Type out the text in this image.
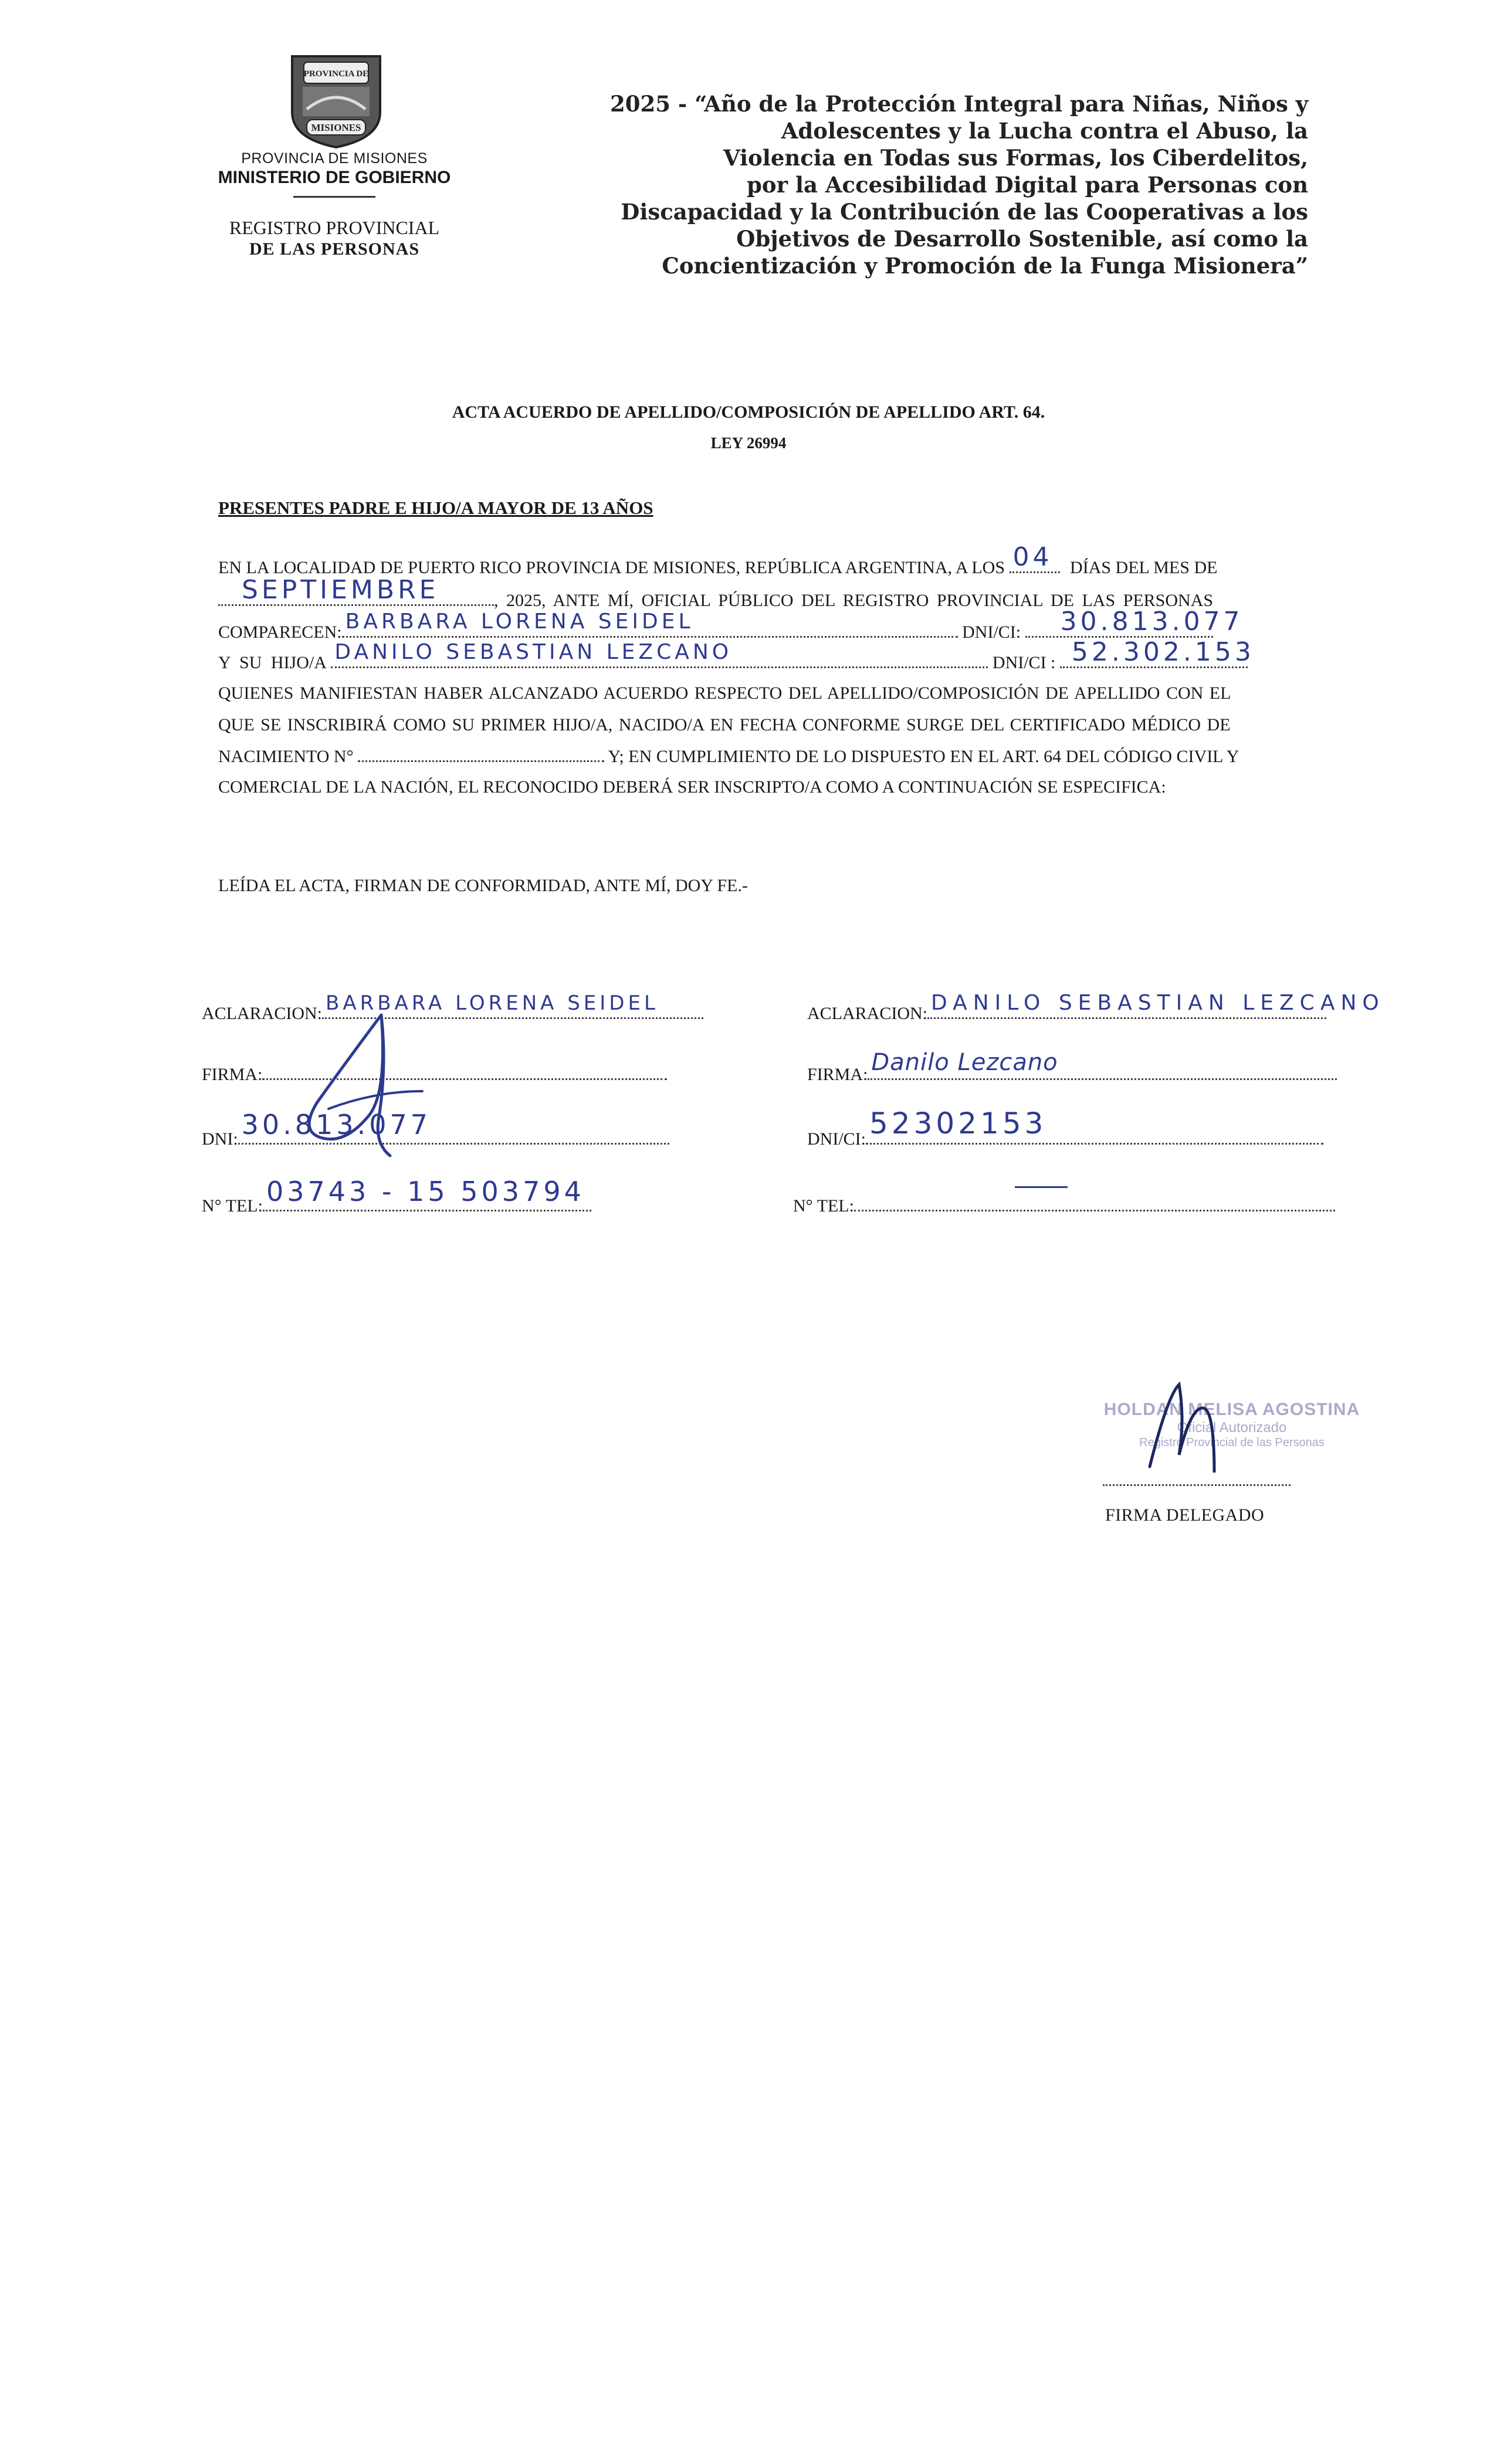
PROVINCIA DE
MISIONES
PROVINCIA DE MISIONES
MINISTERIO DE GOBIERNO
REGISTRO PROVINCIAL
DE LAS PERSONAS
2025 - “Año de la Protección Integral para Niñas, Niños y
Adolescentes y la Lucha contra el Abuso, la
Violencia en Todas sus Formas, los Ciberdelitos,
por la Accesibilidad Digital para Personas con
Discapacidad y la Contribución de las Cooperativas a los
Objetivos de Desarrollo Sostenible, así como la
Concientización y Promoción de la Funga Misionera”
ACTA ACUERDO DE APELLIDO/COMPOSICIÓN DE APELLIDO ART. 64.
LEY 26994
PRESENTES PADRE E HIJO/A MAYOR DE 13 AÑOS
EN LA LOCALIDAD DE PUERTO RICO PROVINCIA DE MISIONES, REPÚBLICA ARGENTINA, A LOS 04 DÍAS DEL MES DE
SEPTIEMBRE	, 2025, ANTE MÍ, OFICIAL PÚBLICO DEL REGISTRO PROVINCIAL DE LAS PERSONAS
COMPARECEN: BARBARA LORENA SEIDEL	DNI/CI: 30.813.077
Y SU HIJO/A DANILO SEBASTIAN LEZCANO	DNI/CI : 52.302.153
QUIENES MANIFIESTAN HABER ALCANZADO ACUERDO RESPECTO DEL APELLIDO/COMPOSICIÓN DE APELLIDO CON EL
QUE SE INSCRIBIRÁ COMO SU PRIMER HIJO/A, NACIDO/A EN FECHA CONFORME SURGE DEL CERTIFICADO MÉDICO DE
NACIMIENTO N°	Y; EN CUMPLIMIENTO DE LO DISPUESTO EN EL ART. 64 DEL CÓDIGO CIVIL Y
COMERCIAL DE LA NACIÓN, EL RECONOCIDO DEBERÁ SER INSCRIPTO/A COMO A CONTINUACIÓN SE ESPECIFICA:
LEÍDA EL ACTA, FIRMAN DE CONFORMIDAD, ANTE MÍ, DOY FE.-
ACLARACION: BARBARA LORENA SEIDEL
FIRMA:
DNI: 30.813.077
N° TEL: 03743 - 15 503794
ACLARACION: DANILO SEBASTIAN LEZCANO
FIRMA: Danilo Lezcano
DNI/CI: 52302153
N° TEL:
HOLDAN MELISA AGOSTINA
Oficial Autorizado
Registro Provincial de las Personas
FIRMA DELEGADO
